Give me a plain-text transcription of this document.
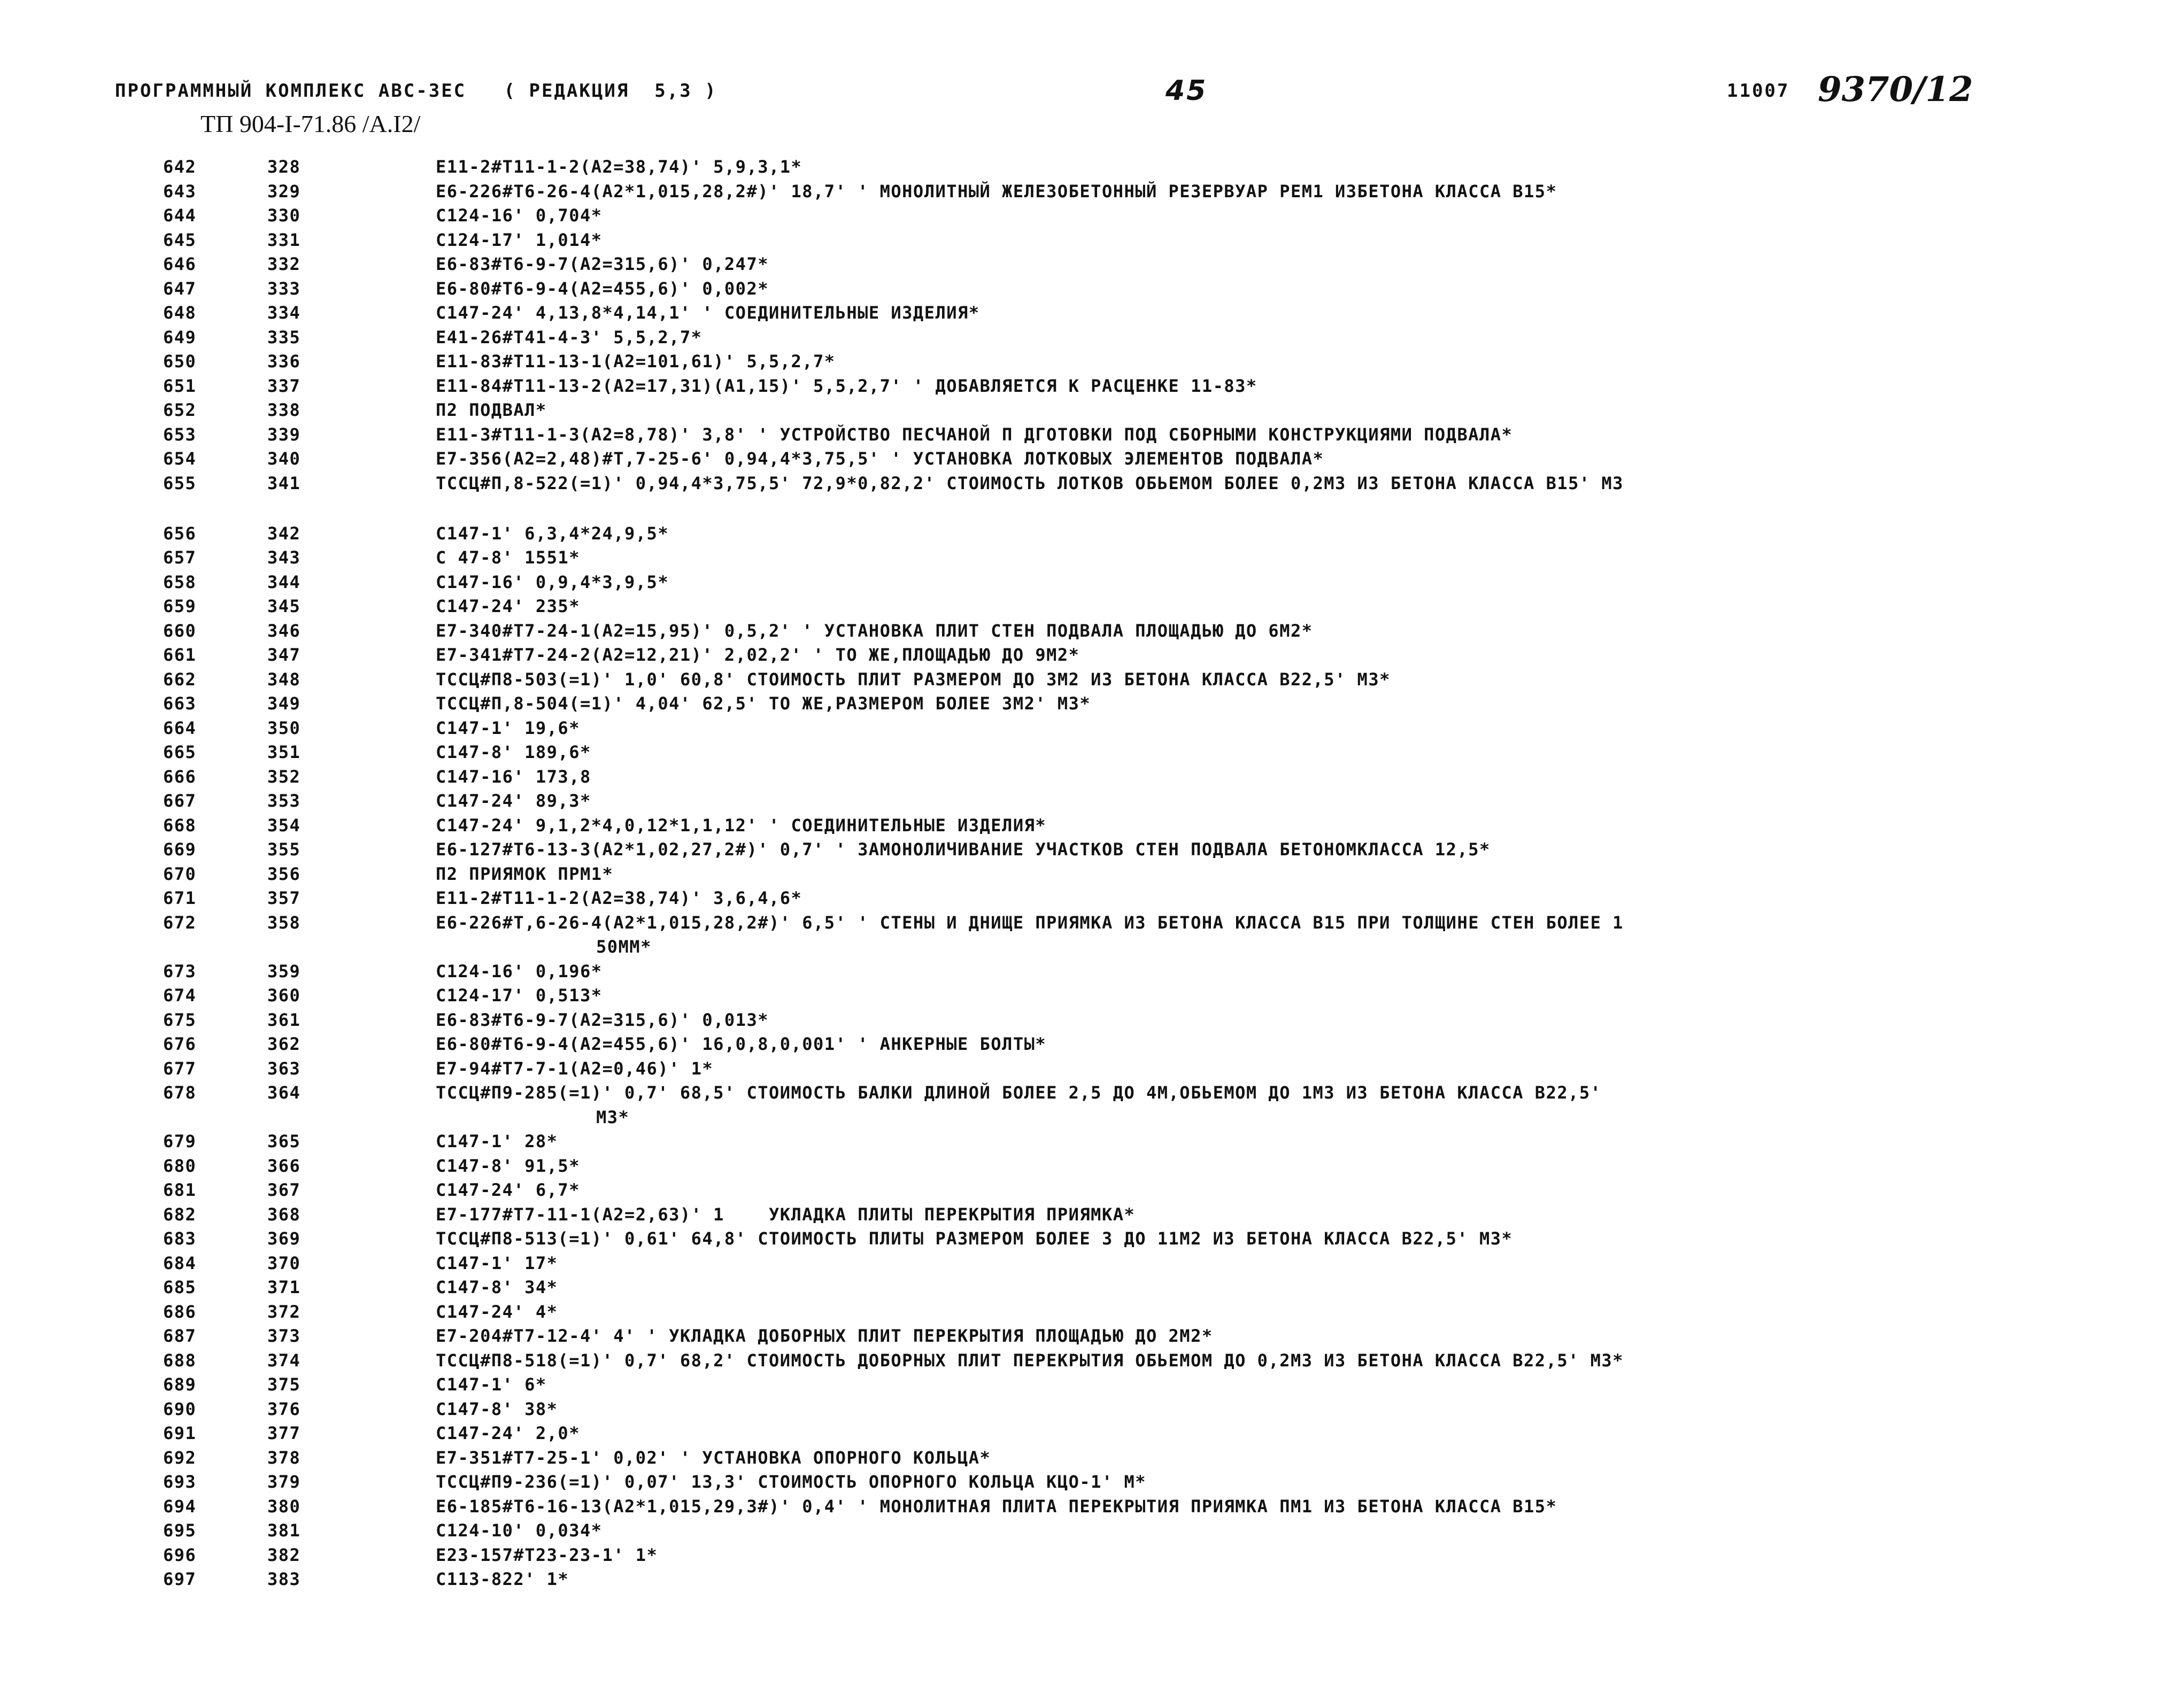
ПРОГРАММНЫЙ КОМПЛЕКС АВС-ЗЕС   ( РЕДАКЦИЯ  5,3 )	45	11007 9370/12
ТП 904-I-71.86 /А.I2/
642	328	Е11-2#Т11-1-2(А2=38,74)' 5,9,3,1*
643	329	Е6-226#Т6-26-4(А2*1,015,28,2#)' 18,7' ' МОНОЛИТНЫЙ ЖЕЛЕЗОБЕТОННЫЙ РЕЗЕРВУАР РЕМ1 ИЗБЕТОНА КЛАССА В15*
644	330	С124-16' 0,704*
645	331	С124-17' 1,014*
646	332	Е6-83#Т6-9-7(А2=315,6)' 0,247*
647	333	Е6-80#Т6-9-4(А2=455,6)' 0,002*
648	334	С147-24' 4,13,8*4,14,1' ' СОЕДИНИТЕЛЬНЫЕ ИЗДЕЛИЯ*
649	335	Е41-26#Т41-4-3' 5,5,2,7*
650	336	Е11-83#Т11-13-1(А2=101,61)' 5,5,2,7*
651	337	Е11-84#Т11-13-2(А2=17,31)(А1,15)' 5,5,2,7' ' ДОБАВЛЯЕТСЯ К РАСЦЕНКЕ 11-83*
652	338	П2 ПОДВАЛ*
653	339	Е11-3#Т11-1-3(А2=8,78)' 3,8' ' УСТРОЙСТВО ПЕСЧАНОЙ П ДГОТОВКИ ПОД СБОРНЫМИ КОНСТРУКЦИЯМИ ПОДВАЛА*
654	340	Е7-356(А2=2,48)#Т,7-25-6' 0,94,4*3,75,5' ' УСТАНОВКА ЛОТКОВЫХ ЭЛЕМЕНТОВ ПОДВАЛА*
655	341	ТССЦ#П,8-522(=1)' 0,94,4*3,75,5' 72,9*0,82,2' СТОИМОСТЬ ЛОТКОВ ОБЬЕМОМ БОЛЕЕ 0,2М3 ИЗ БЕТОНА КЛАССА В15' М3
656	342	С147-1' 6,3,4*24,9,5*
657	343	С 47-8' 1551*
658	344	С147-16' 0,9,4*3,9,5*
659	345	С147-24' 235*
660	346	Е7-340#Т7-24-1(А2=15,95)' 0,5,2' ' УСТАНОВКА ПЛИТ СТЕН ПОДВАЛА ПЛОЩАДЬЮ ДО 6М2*
661	347	Е7-341#Т7-24-2(А2=12,21)' 2,02,2' ' ТО ЖЕ,ПЛОЩАДЬЮ ДО 9М2*
662	348	ТССЦ#П8-503(=1)' 1,0' 60,8' СТОИМОСТЬ ПЛИТ РАЗМЕРОМ ДО 3М2 ИЗ БЕТОНА КЛАССА В22,5' М3*
663	349	ТССЦ#П,8-504(=1)' 4,04' 62,5' ТО ЖЕ,РАЗМЕРОМ БОЛЕЕ 3М2' М3*
664	350	С147-1' 19,6*
665	351	С147-8' 189,6*
666	352	С147-16' 173,8
667	353	С147-24' 89,3*
668	354	С147-24' 9,1,2*4,0,12*1,1,12' ' СОЕДИНИТЕЛЬНЫЕ ИЗДЕЛИЯ*
669	355	Е6-127#Т6-13-3(А2*1,02,27,2#)' 0,7' ' ЗАМОНОЛИЧИВАНИЕ УЧАСТКОВ СТЕН ПОДВАЛА БЕТОНОМКЛАССА 12,5*
670	356	П2 ПРИЯМОК ПРМ1*
671	357	Е11-2#Т11-1-2(А2=38,74)' 3,6,4,6*
672	358	Е6-226#Т,6-26-4(А2*1,015,28,2#)' 6,5' ' СТЕНЫ И ДНИЩЕ ПРИЯМКА ИЗ БЕТОНА КЛАССА В15 ПРИ ТОЛЩИНЕ СТЕН БОЛЕЕ 1
50ММ*
673	359	С124-16' 0,196*
674	360	С124-17' 0,513*
675	361	Е6-83#Т6-9-7(А2=315,6)' 0,013*
676	362	Е6-80#Т6-9-4(А2=455,6)' 16,0,8,0,001' ' АНКЕРНЫЕ БОЛТЫ*
677	363	Е7-94#Т7-7-1(А2=0,46)' 1*
678	364	ТССЦ#П9-285(=1)' 0,7' 68,5' СТОИМОСТЬ БАЛКИ ДЛИНОЙ БОЛЕЕ 2,5 ДО 4М,ОБЬЕМОМ ДО 1М3 ИЗ БЕТОНА КЛАССА В22,5'
М3*
679	365	С147-1' 28*
680	366	С147-8' 91,5*
681	367	С147-24' 6,7*
682	368	Е7-177#Т7-11-1(А2=2,63)' 1    УКЛАДКА ПЛИТЫ ПЕРЕКРЫТИЯ ПРИЯМКА*
683	369	ТССЦ#П8-513(=1)' 0,61' 64,8' СТОИМОСТЬ ПЛИТЫ РАЗМЕРОМ БОЛЕЕ 3 ДО 11М2 ИЗ БЕТОНА КЛАССА В22,5' М3*
684	370	С147-1' 17*
685	371	С147-8' 34*
686	372	С147-24' 4*
687	373	Е7-204#Т7-12-4' 4' ' УКЛАДКА ДОБОРНЫХ ПЛИТ ПЕРЕКРЫТИЯ ПЛОЩАДЬЮ ДО 2М2*
688	374	ТССЦ#П8-518(=1)' 0,7' 68,2' СТОИМОСТЬ ДОБОРНЫХ ПЛИТ ПЕРЕКРЫТИЯ ОБЬЕМОМ ДО 0,2М3 ИЗ БЕТОНА КЛАССА В22,5' М3*
689	375	С147-1' 6*
690	376	С147-8' 38*
691	377	С147-24' 2,0*
692	378	Е7-351#Т7-25-1' 0,02' ' УСТАНОВКА ОПОРНОГО КОЛЬЦА*
693	379	ТССЦ#П9-236(=1)' 0,07' 13,3' СТОИМОСТЬ ОПОРНОГО КОЛЬЦА КЦО-1' М*
694	380	Е6-185#Т6-16-13(А2*1,015,29,3#)' 0,4' ' МОНОЛИТНАЯ ПЛИТА ПЕРЕКРЫТИЯ ПРИЯМКА ПМ1 ИЗ БЕТОНА КЛАССА В15*
695	381	С124-10' 0,034*
696	382	Е23-157#Т23-23-1' 1*
697	383	С113-822' 1*
